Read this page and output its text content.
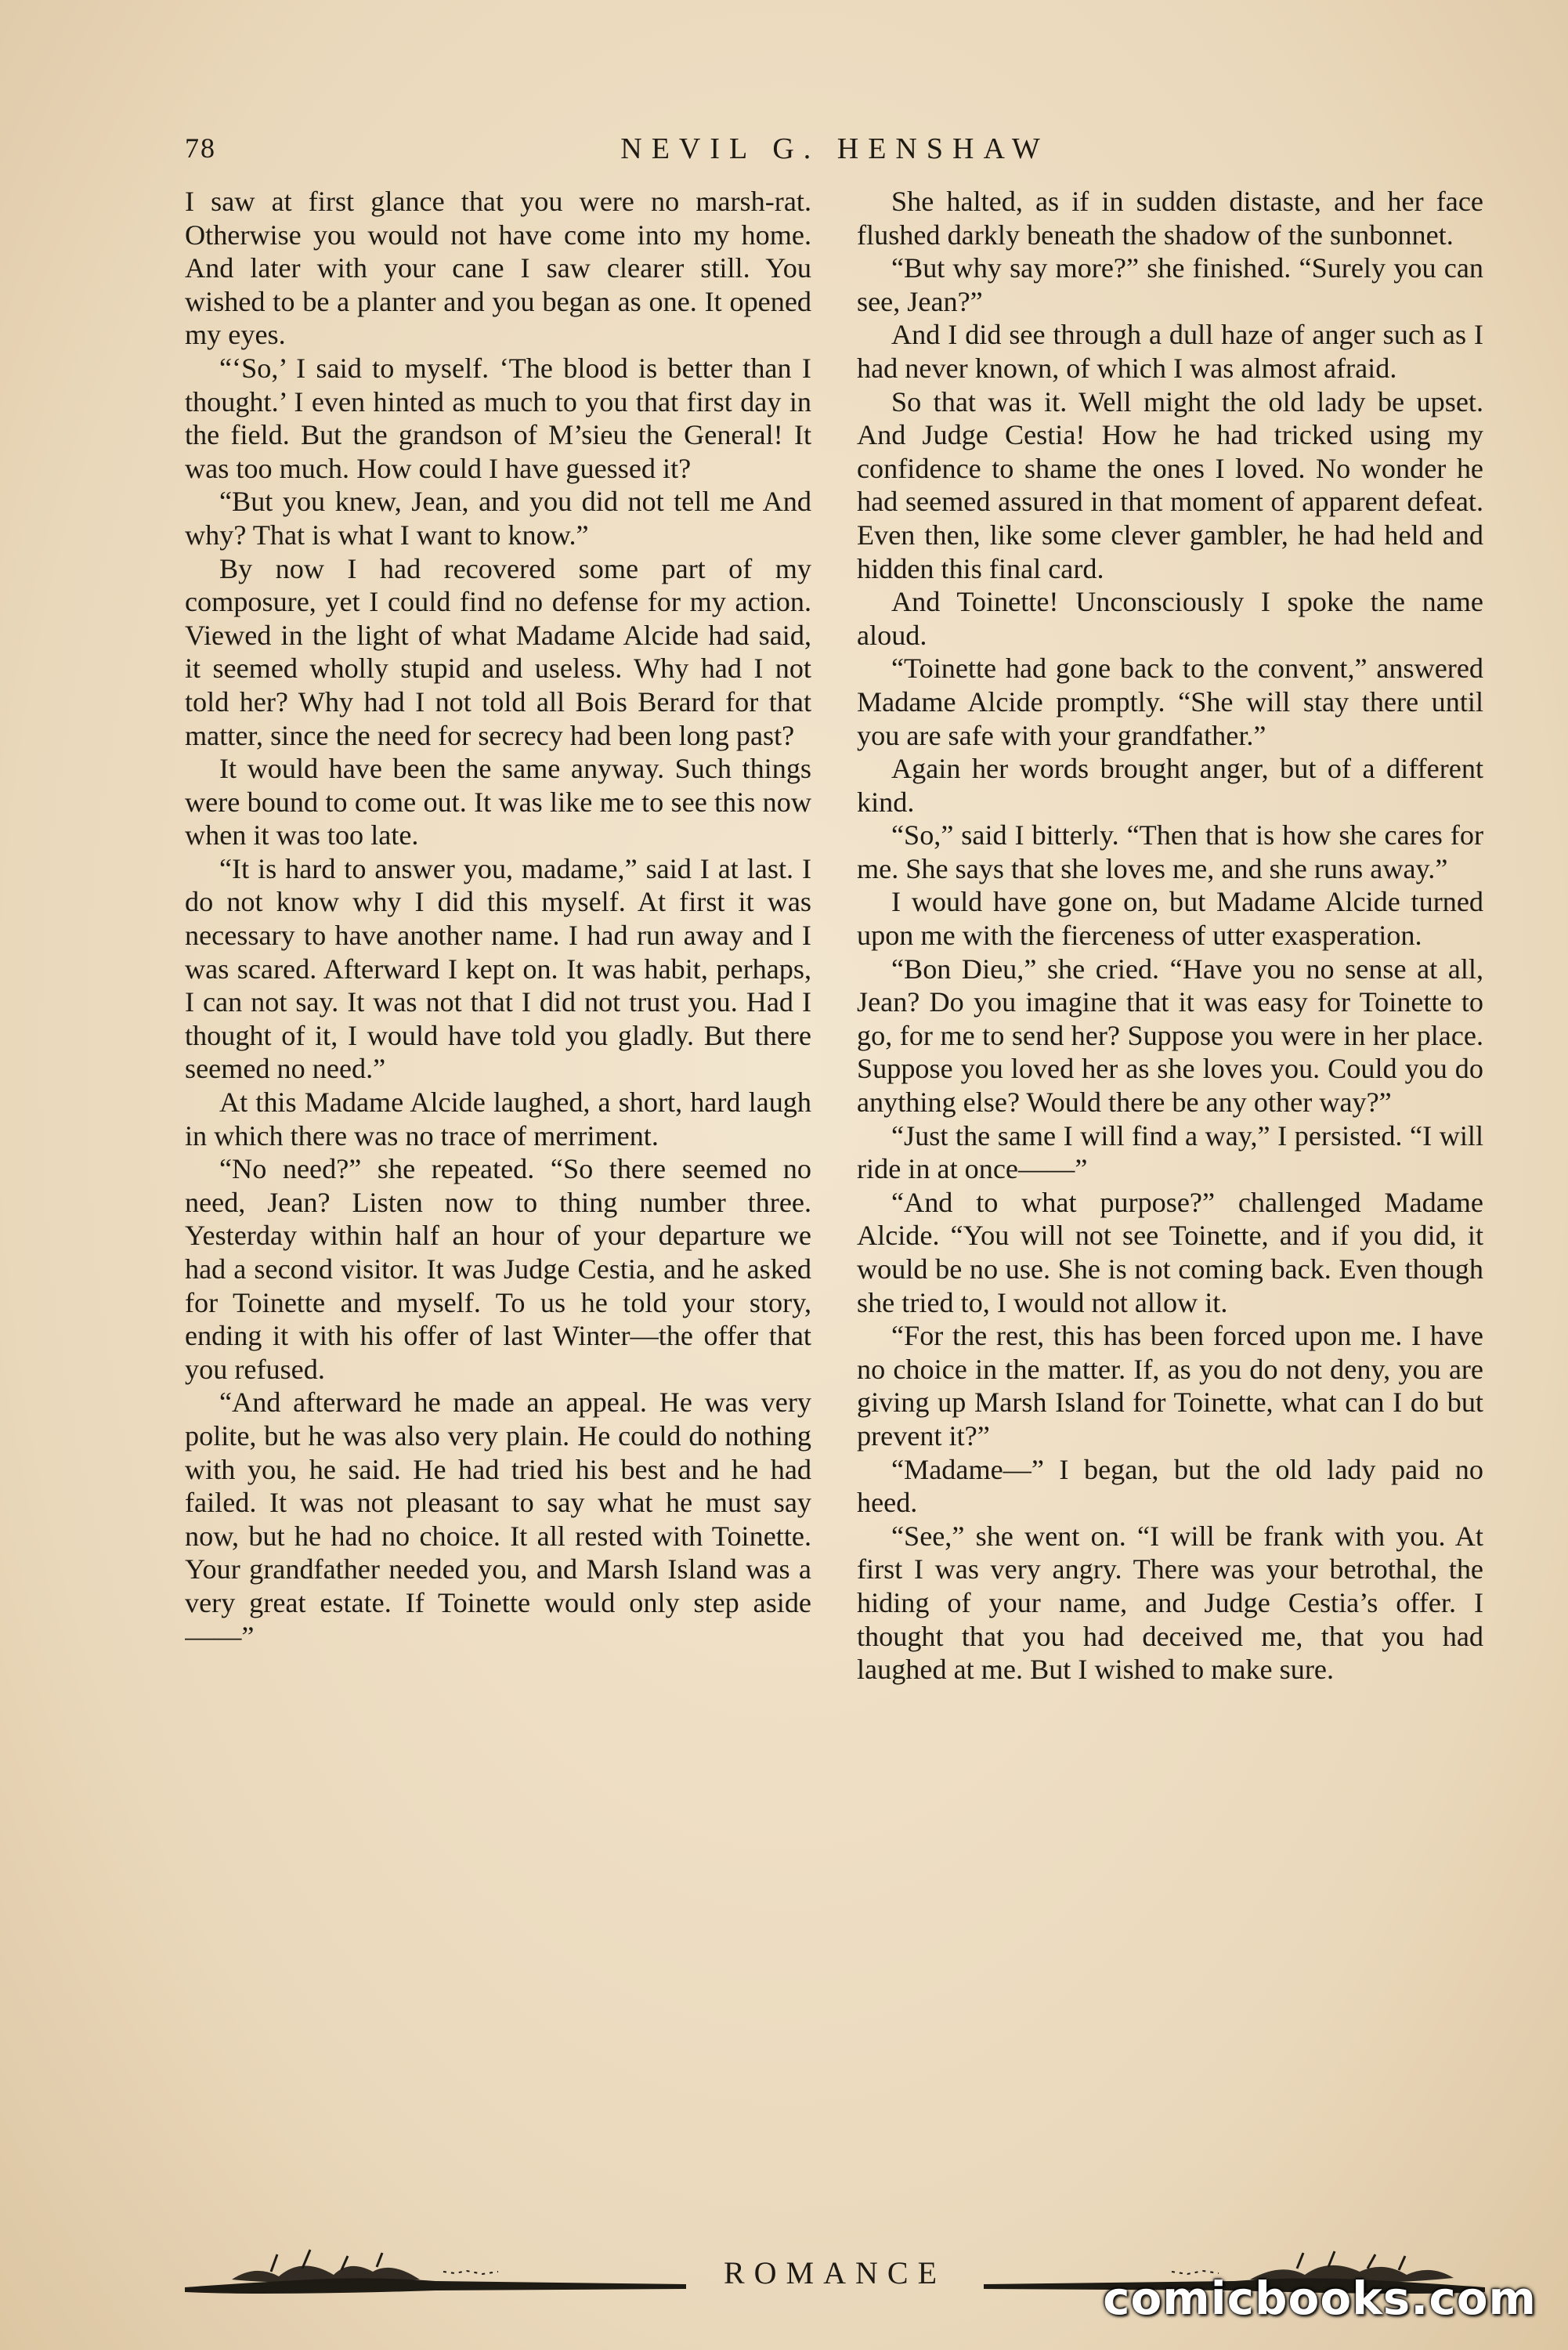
78	NEVIL G. HENSHAW

I saw at first glance that you were no marsh-rat. Otherwise you would not have come into my home. And later with your cane I saw clearer still. You wished to be a planter and you began as one. It opened my eyes.

“‘So,’ I said to myself. ‘The blood is better than I thought.’ I even hinted as much to you that first day in the field. But the grandson of M’sieu the General! It was too much. How could I have guessed it?

“But you knew, Jean, and you did not tell me And why? That is what I want to know.”

By now I had recovered some part of my composure, yet I could find no defense for my action. Viewed in the light of what Madame Alcide had said, it seemed wholly stupid and useless. Why had I not told her? Why had I not told all Bois Berard for that matter, since the need for secrecy had been long past?

It would have been the same anyway. Such things were bound to come out. It was like me to see this now when it was too late.

“It is hard to answer you, madame,” said I at last. I do not know why I did this myself. At first it was necessary to have another name. I had run away and I was scared. Afterward I kept on. It was habit, perhaps, I can not say. It was not that I did not trust you. Had I thought of it, I would have told you gladly. But there seemed no need.”

At this Madame Alcide laughed, a short, hard laugh in which there was no trace of merriment.

“No need?” she repeated. “So there seemed no need, Jean? Listen now to thing number three. Yesterday within half an hour of your departure we had a second visitor. It was Judge Cestia, and he asked for Toinette and myself. To us he told your story, ending it with his offer of last Winter—the offer that you refused.

“And afterward he made an appeal. He was very polite, but he was also very plain. He could do nothing with you, he said. He had tried his best and he had failed. It was not pleasant to say what he must say now, but he had no choice. It all rested with Toinette. Your grandfather needed you, and Marsh Island was a very great estate. If Toinette would only step aside——”

She halted, as if in sudden distaste, and her face flushed darkly beneath the shadow of the sunbonnet.

“But why say more?” she finished. “Surely you can see, Jean?”

And I did see through a dull haze of anger such as I had never known, of which I was almost afraid.

So that was it. Well might the old lady be upset. And Judge Cestia! How he had tricked using my confidence to shame the ones I loved. No wonder he had seemed assured in that moment of apparent defeat. Even then, like some clever gambler, he had held and hidden this final card.

And Toinette! Unconsciously I spoke the name aloud.

“Toinette had gone back to the convent,” answered Madame Alcide promptly. “She will stay there until you are safe with your grandfather.”

Again her words brought anger, but of a different kind.

“So,” said I bitterly. “Then that is how she cares for me. She says that she loves me, and she runs away.”

I would have gone on, but Madame Alcide turned upon me with the fierceness of utter exasperation.

“Bon Dieu,” she cried. “Have you no sense at all, Jean? Do you imagine that it was easy for Toinette to go, for me to send her? Suppose you were in her place. Suppose you loved her as she loves you. Could you do anything else? Would there be any other way?”

“Just the same I will find a way,” I persisted. “I will ride in at once——”

“And to what purpose?” challenged Madame Alcide. “You will not see Toinette, and if you did, it would be no use. She is not coming back. Even though she tried to, I would not allow it.

“For the rest, this has been forced upon me. I have no choice in the matter. If, as you do not deny, you are giving up Marsh Island for Toinette, what can I do but prevent it?”

“Madame—” I began, but the old lady paid no heed.

“See,” she went on. “I will be frank with you. At first I was very angry. There was your betrothal, the hiding of your name, and Judge Cestia’s offer. I thought that you had deceived me, that you had laughed at me. But I wished to make sure.

ROMANCE	comicbooks.com
